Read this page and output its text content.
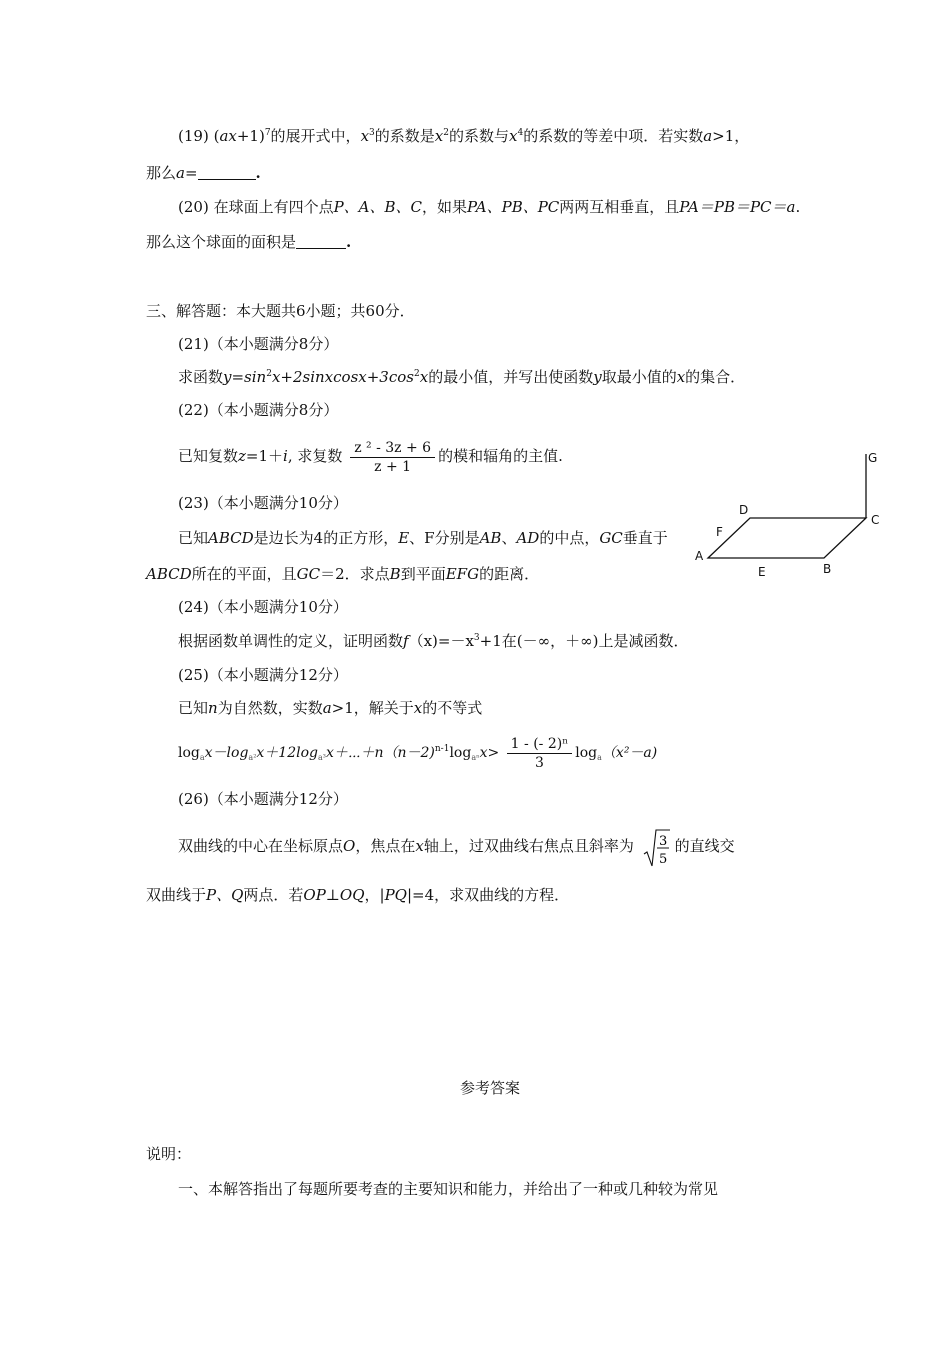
(19) $(ax+1)^7$的展开式中，$x^3$的系数是$x^2$的系数与$x^4$的系数的等差中项．若实数a>1，
那么a=	.
(20) 在球面上有四个点P、A、B、C，如果PA、PB、PC两两互相垂直，且PA＝PB＝PC＝a.
那么这个球面的面积是	.
三、解答题：本大题共6小题；共60分．
(21)（本小题满分8分）
求函数$y=\sin^2x+2sinxcosx+3\cos^2x$的最小值，并写出使函数y取最小值的x的集合．
(22)（本小题满分8分）
已知复数z=1＋i, 求复数 $\frac{\text{z ² - 3z + 6}}{z + 1}$ 的模和辐角的主值.
(23)（本小题满分10分）
已知ABCD是边长为4的正方形，E、F分别是AB、AD的中点，GC垂直于
ABCD所在的平面，且GC＝2．求点B到平面EFG的距离．
G
D
C
F
A
E	B
(24)（本小题满分10分）
根据函数单调性的定义，证明函数$f(x)=-x^3+1$在(－∞，＋∞)上是减函数．
(25)（本小题满分12分）
已知n为自然数，实数a>1，解关于x的不等式
$\log_ax-\log_{a^2}x+12\log_{a^3}x+\cdots+n(n-2)^{n-1}\log_{a^n}x> \frac{\text{1 - (- 2)ⁿ}}{3} \log_a(x^2-a)$
(26)（本小题满分12分）
双曲线的中心在坐标原点O，焦点在x轴上，过双曲线右焦点且斜率为 3
5
的直线交
双曲线于P、Q两点．若OP⊥OQ，|PQ|=4，求双曲线的方程．
参考答案
说明：
一、本解答指出了每题所要考查的主要知识和能力，并给出了一种或几种较为常见
